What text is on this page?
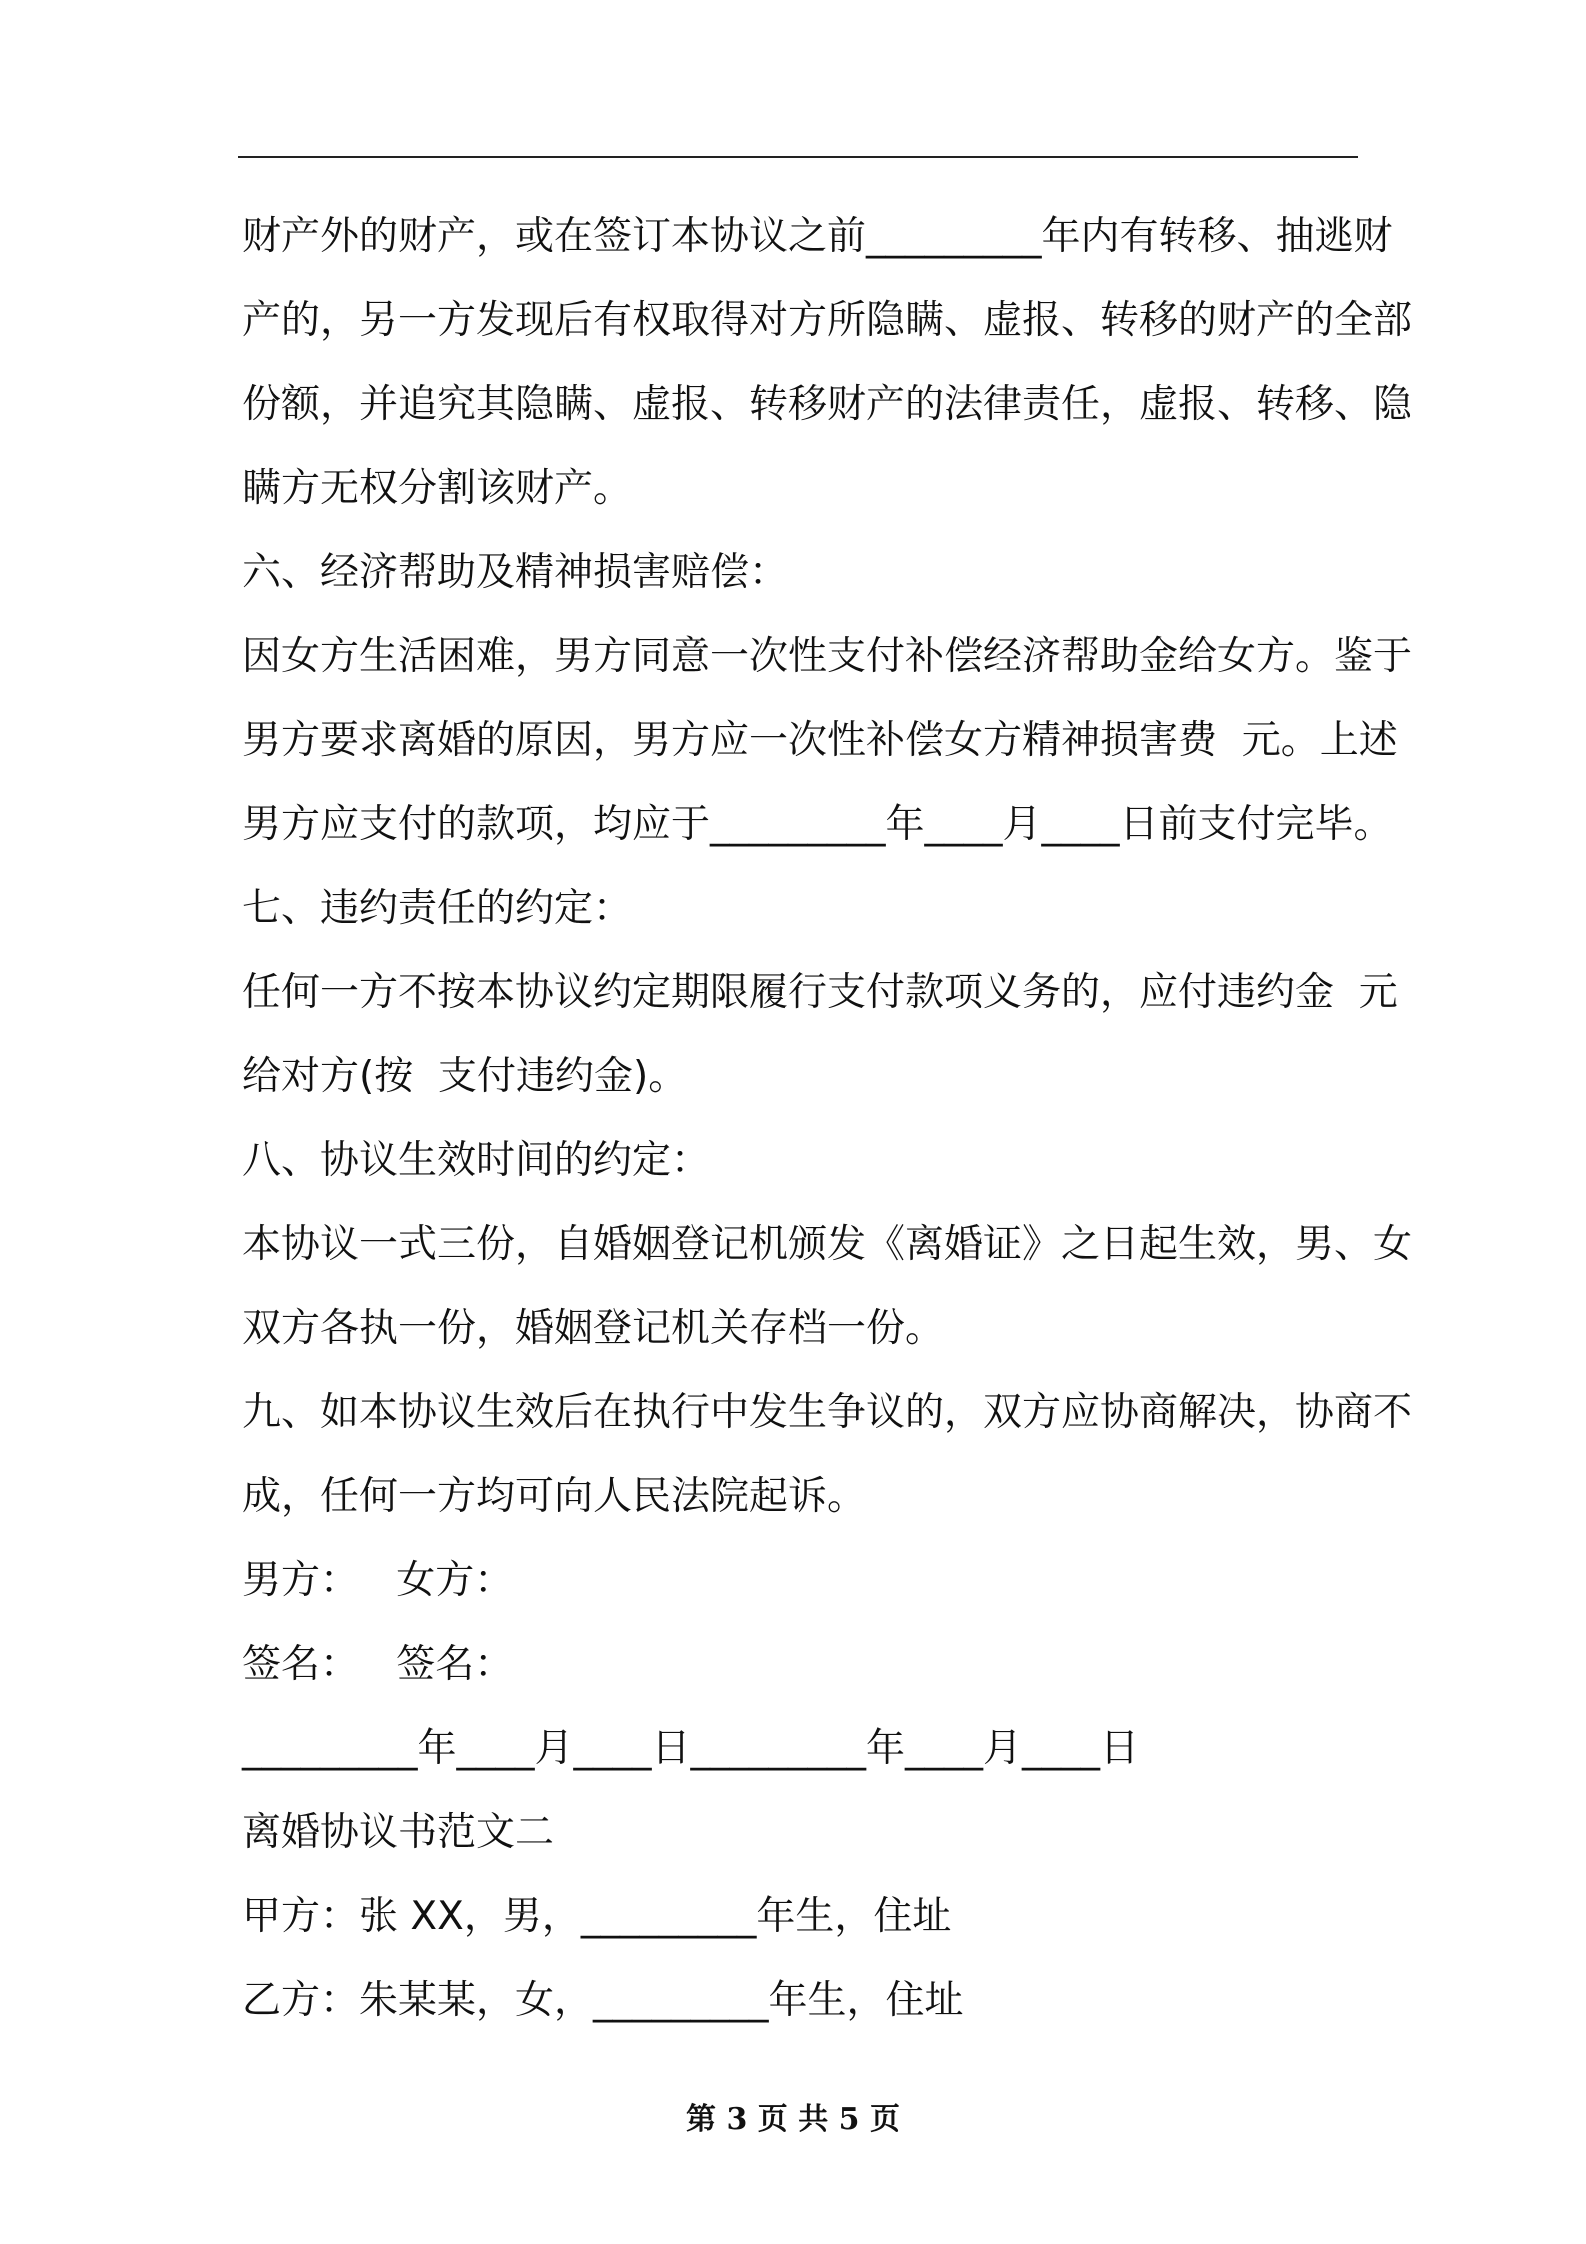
财产外的财产，或在签订本协议之前_________年内有转移、抽逃财
产的，另一方发现后有权取得对方所隐瞒、虚报、转移的财产的全部
份额，并追究其隐瞒、虚报、转移财产的法律责任，虚报、转移、隐
瞒方无权分割该财产。
六、经济帮助及精神损害赔偿：
因女方生活困难，男方同意一次性支付补偿经济帮助金给女方。鉴于
男方要求离婚的原因，男方应一次性补偿女方精神损害费  元。上述
男方应支付的款项，均应于_________年____月____日前支付完毕。
七、违约责任的约定：
任何一方不按本协议约定期限履行支付款项义务的，应付违约金  元
给对方(按  支付违约金)。
八、协议生效时间的约定：
本协议一式三份，自婚姻登记机颁发《离婚证》之日起生效，男、女
双方各执一份，婚姻登记机关存档一份。
九、如本协议生效后在执行中发生争议的，双方应协商解决，协商不
成，任何一方均可向人民法院起诉。
男方：   女方：
签名：   签名：
_________年____月____日_________年____月____日
离婚协议书范文二
甲方：张 XX，男，_________年生，住址
乙方：朱某某，女，_________年生，住址
第 3 页 共 5 页
